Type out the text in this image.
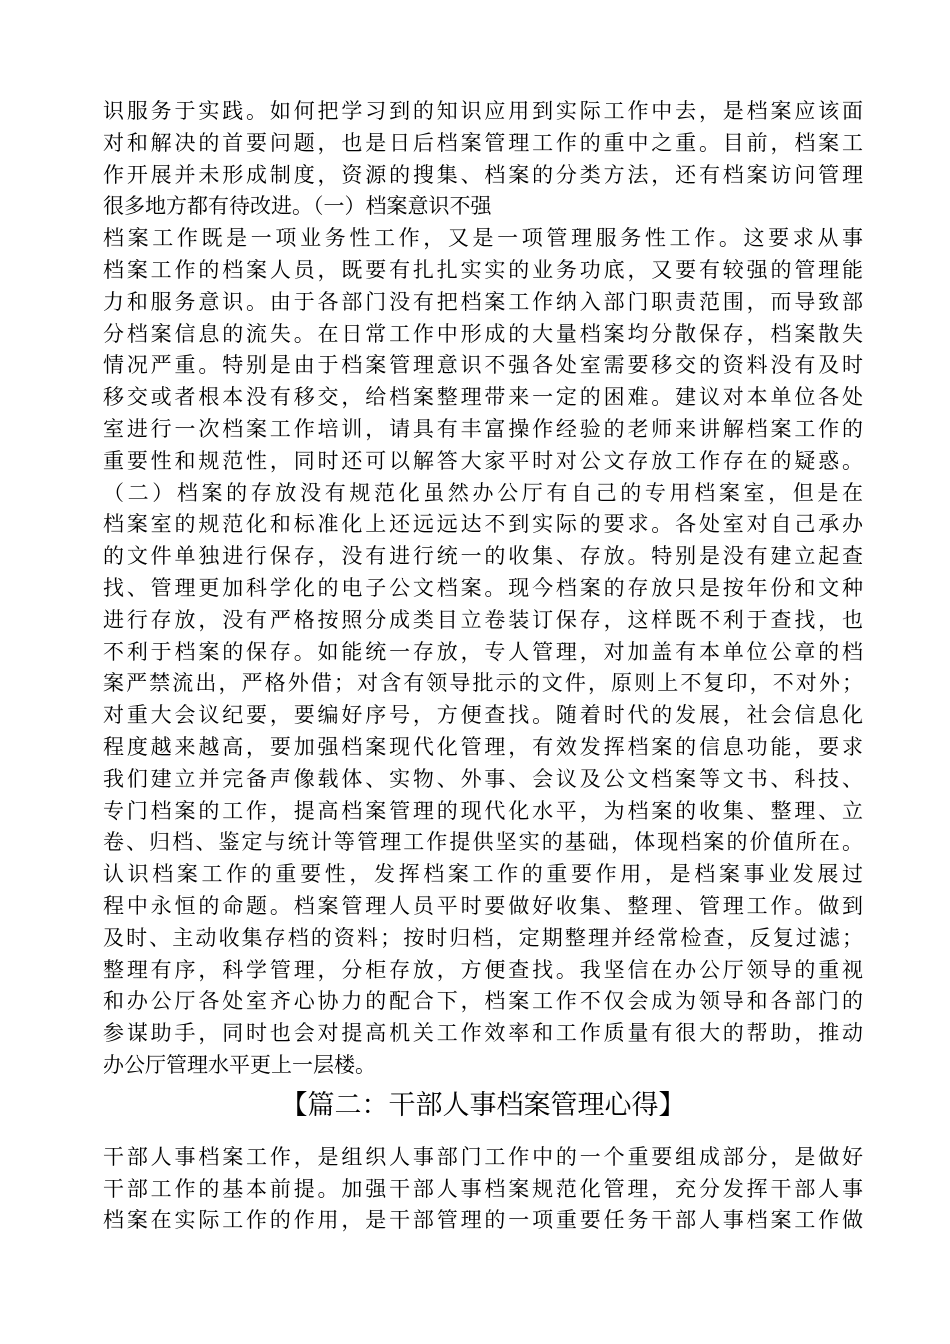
识服务于实践。如何把学习到的知识应用到实际工作中去，是档案应该面
对和解决的首要问题，也是日后档案管理工作的重中之重。目前，档案工
作开展并未形成制度，资源的搜集、档案的分类方法，还有档案访问管理
很多地方都有待改进。（一）档案意识不强
档案工作既是一项业务性工作，又是一项管理服务性工作。这要求从事
档案工作的档案人员，既要有扎扎实实的业务功底，又要有较强的管理能
力和服务意识。由于各部门没有把档案工作纳入部门职责范围，而导致部
分档案信息的流失。在日常工作中形成的大量档案均分散保存，档案散失
情况严重。特别是由于档案管理意识不强各处室需要移交的资料没有及时
移交或者根本没有移交，给档案整理带来一定的困难。建议对本单位各处
室进行一次档案工作培训，请具有丰富操作经验的老师来讲解档案工作的
重要性和规范性，同时还可以解答大家平时对公文存放工作存在的疑惑。
（二）档案的存放没有规范化虽然办公厅有自己的专用档案室，但是在
档案室的规范化和标准化上还远远达不到实际的要求。各处室对自己承办
的文件单独进行保存，没有进行统一的收集、存放。特别是没有建立起查
找、管理更加科学化的电子公文档案。现今档案的存放只是按年份和文种
进行存放，没有严格按照分成类目立卷装订保存，这样既不利于查找，也
不利于档案的保存。如能统一存放，专人管理，对加盖有本单位公章的档
案严禁流出，严格外借；对含有领导批示的文件，原则上不复印，不对外；
对重大会议纪要，要编好序号，方便查找。随着时代的发展，社会信息化
程度越来越高，要加强档案现代化管理，有效发挥档案的信息功能，要求
我们建立并完备声像载体、实物、外事、会议及公文档案等文书、科技、
专门档案的工作，提高档案管理的现代化水平，为档案的收集、整理、立
卷、归档、鉴定与统计等管理工作提供坚实的基础，体现档案的价值所在。
认识档案工作的重要性，发挥档案工作的重要作用，是档案事业发展过
程中永恒的命题。档案管理人员平时要做好收集、整理、管理工作。做到
及时、主动收集存档的资料；按时归档，定期整理并经常检查，反复过滤；
整理有序，科学管理，分柜存放，方便查找。我坚信在办公厅领导的重视
和办公厅各处室齐心协力的配合下，档案工作不仅会成为领导和各部门的
参谋助手，同时也会对提高机关工作效率和工作质量有很大的帮助，推动
办公厅管理水平更上一层楼。
【篇二：干部人事档案管理心得】
干部人事档案工作，是组织人事部门工作中的一个重要组成部分，是做好
干部工作的基本前提。加强干部人事档案规范化管理，充分发挥干部人事
档案在实际工作的作用，是干部管理的一项重要任务干部人事档案工作做
